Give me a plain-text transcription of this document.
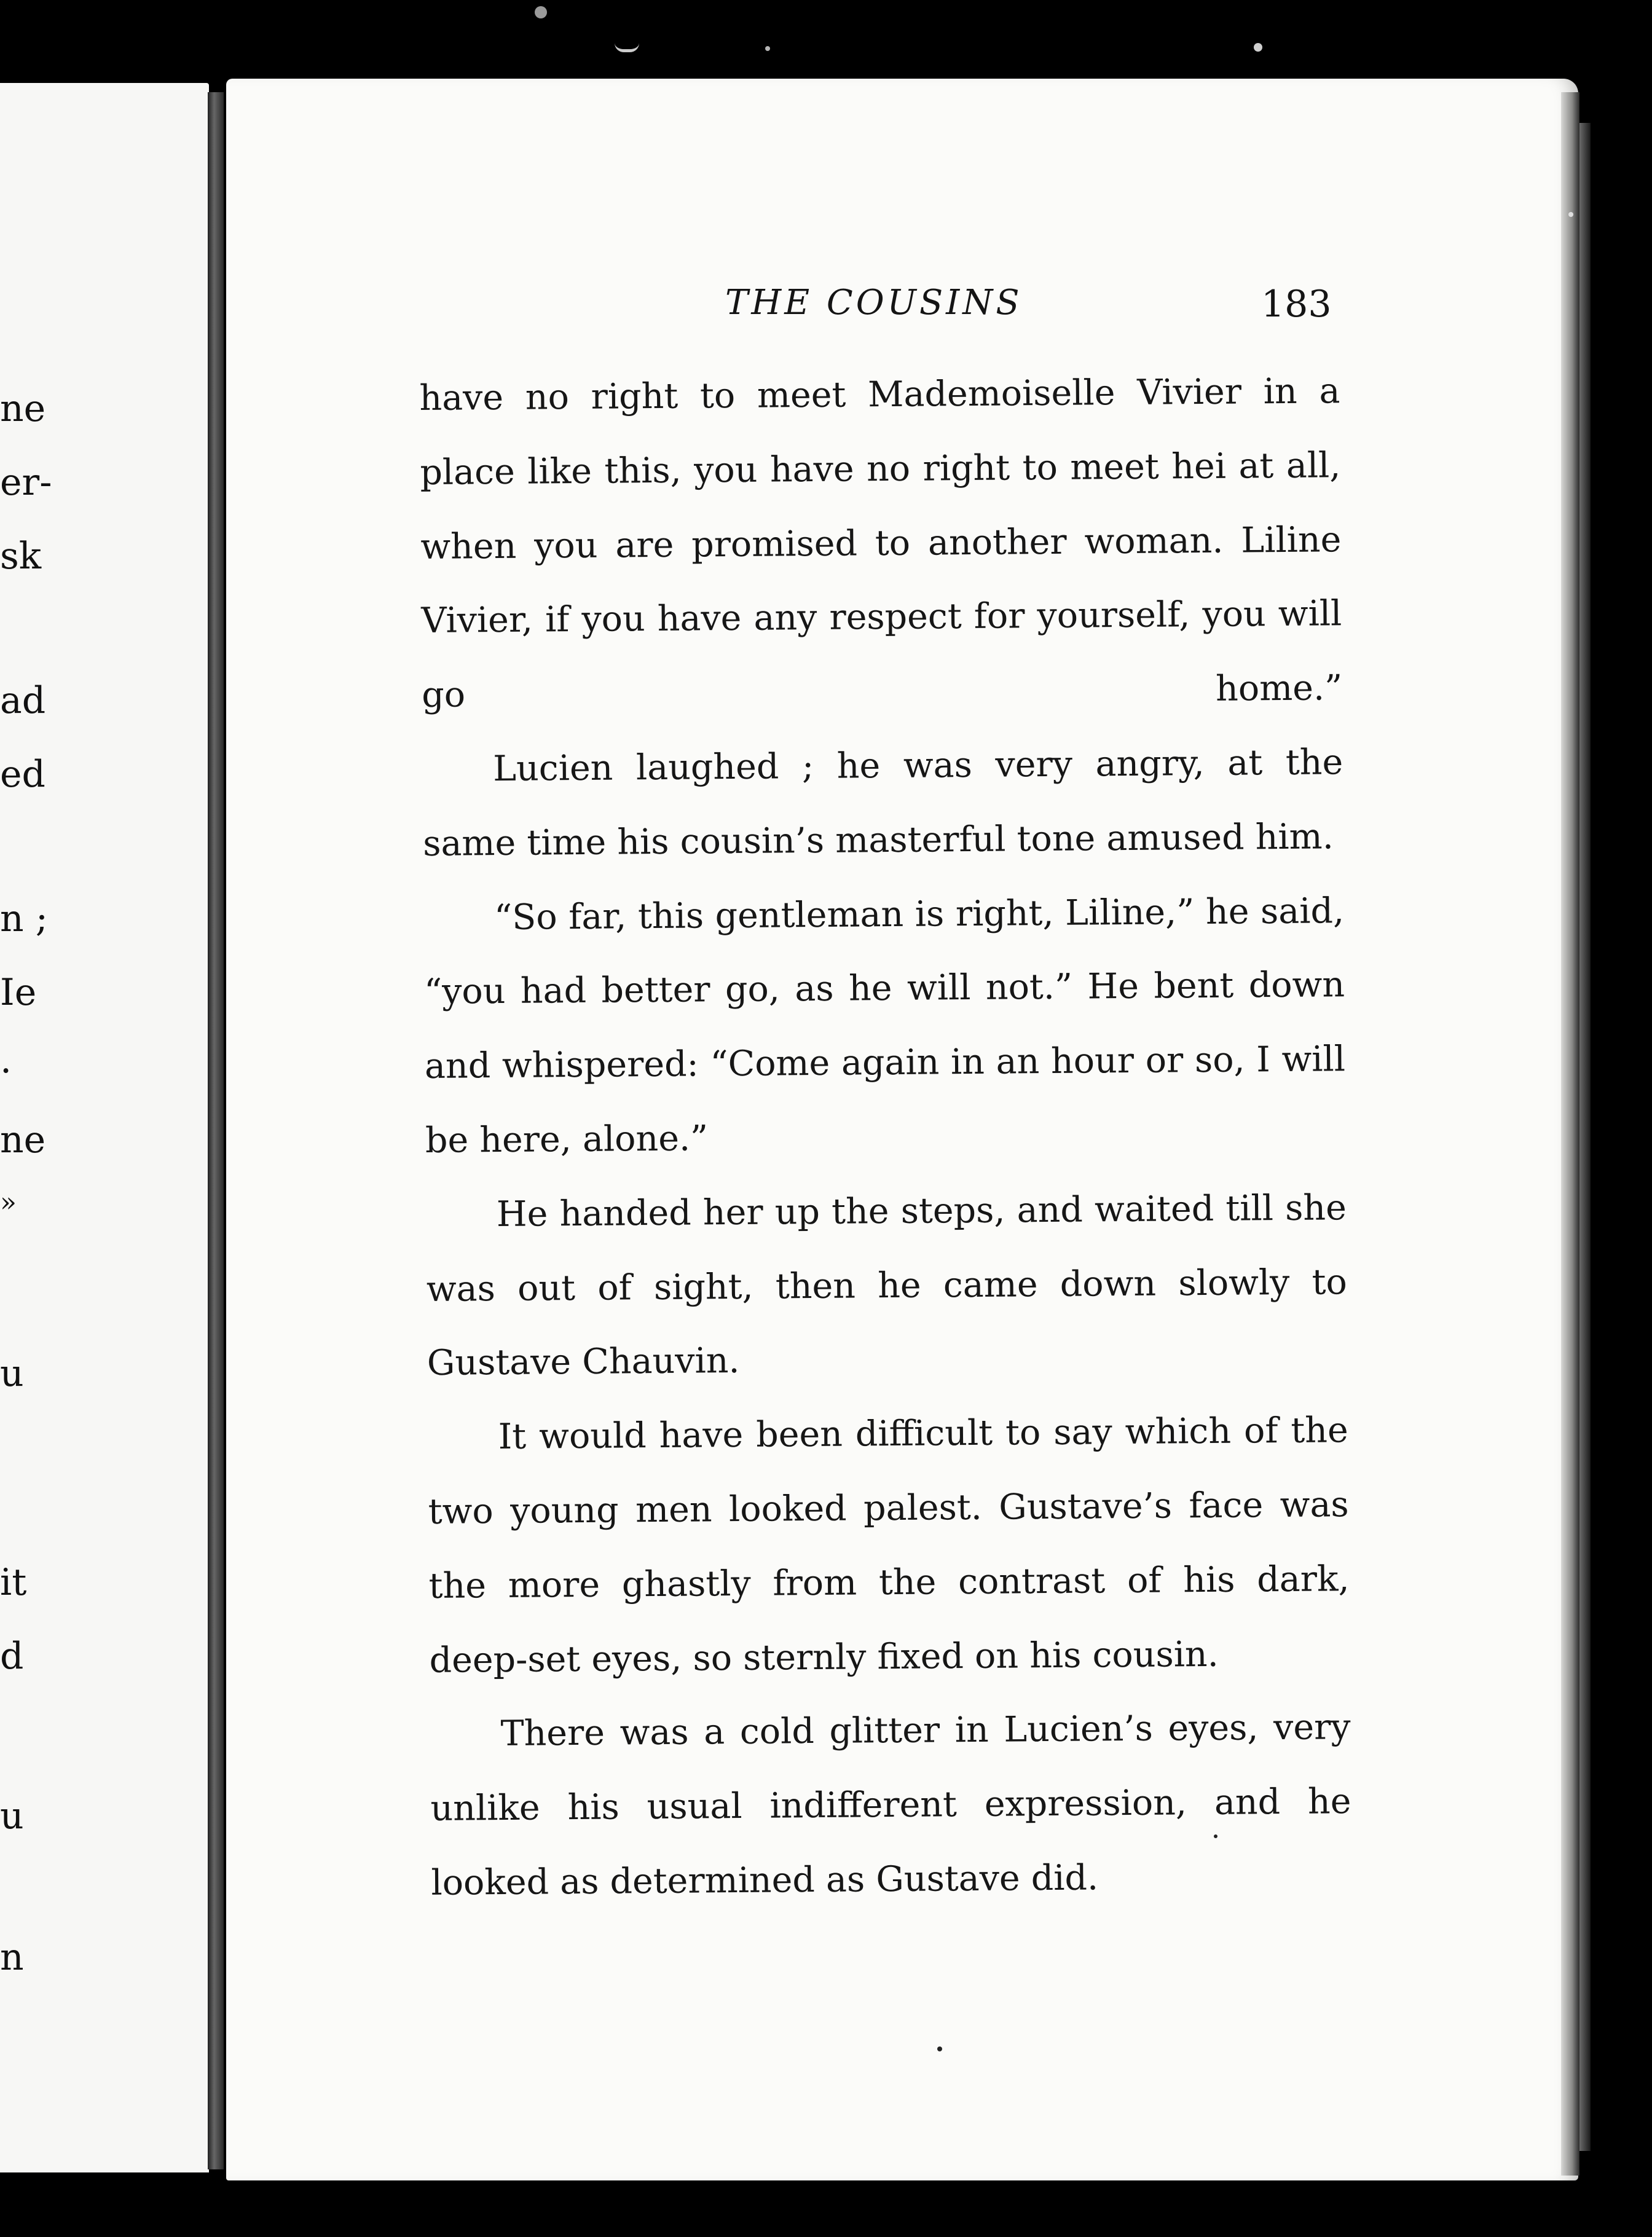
ne
er-
sk
ad
ed
n ;
Ie
.
ne
»
u
it
d
u
n
THE COUSINS	183

have no right to meet Mademoiselle Vivier in a place like this, you have no right to meet hei at all, when you are promised to another woman. Liline Vivier, if you have any respect for yourself, you will go home.”

Lucien laughed ; he was very angry, at the same time his cousin’s masterful tone amused him.

“So far, this gentleman is right, Liline,” he said, “you had better go, as he will not.” He bent down and whispered: “Come again in an hour or so, I will be here, alone.”

He handed her up the steps, and waited till she was out of sight, then he came down slowly to Gustave Chauvin.

It would have been difficult to say which of the two young men looked palest. Gustave’s face was the more ghastly from the contrast of his dark, deep-set eyes, so sternly fixed on his cousin.

There was a cold glitter in Lucien’s eyes, very unlike his usual indifferent expression, and he looked as determined as Gustave did.
